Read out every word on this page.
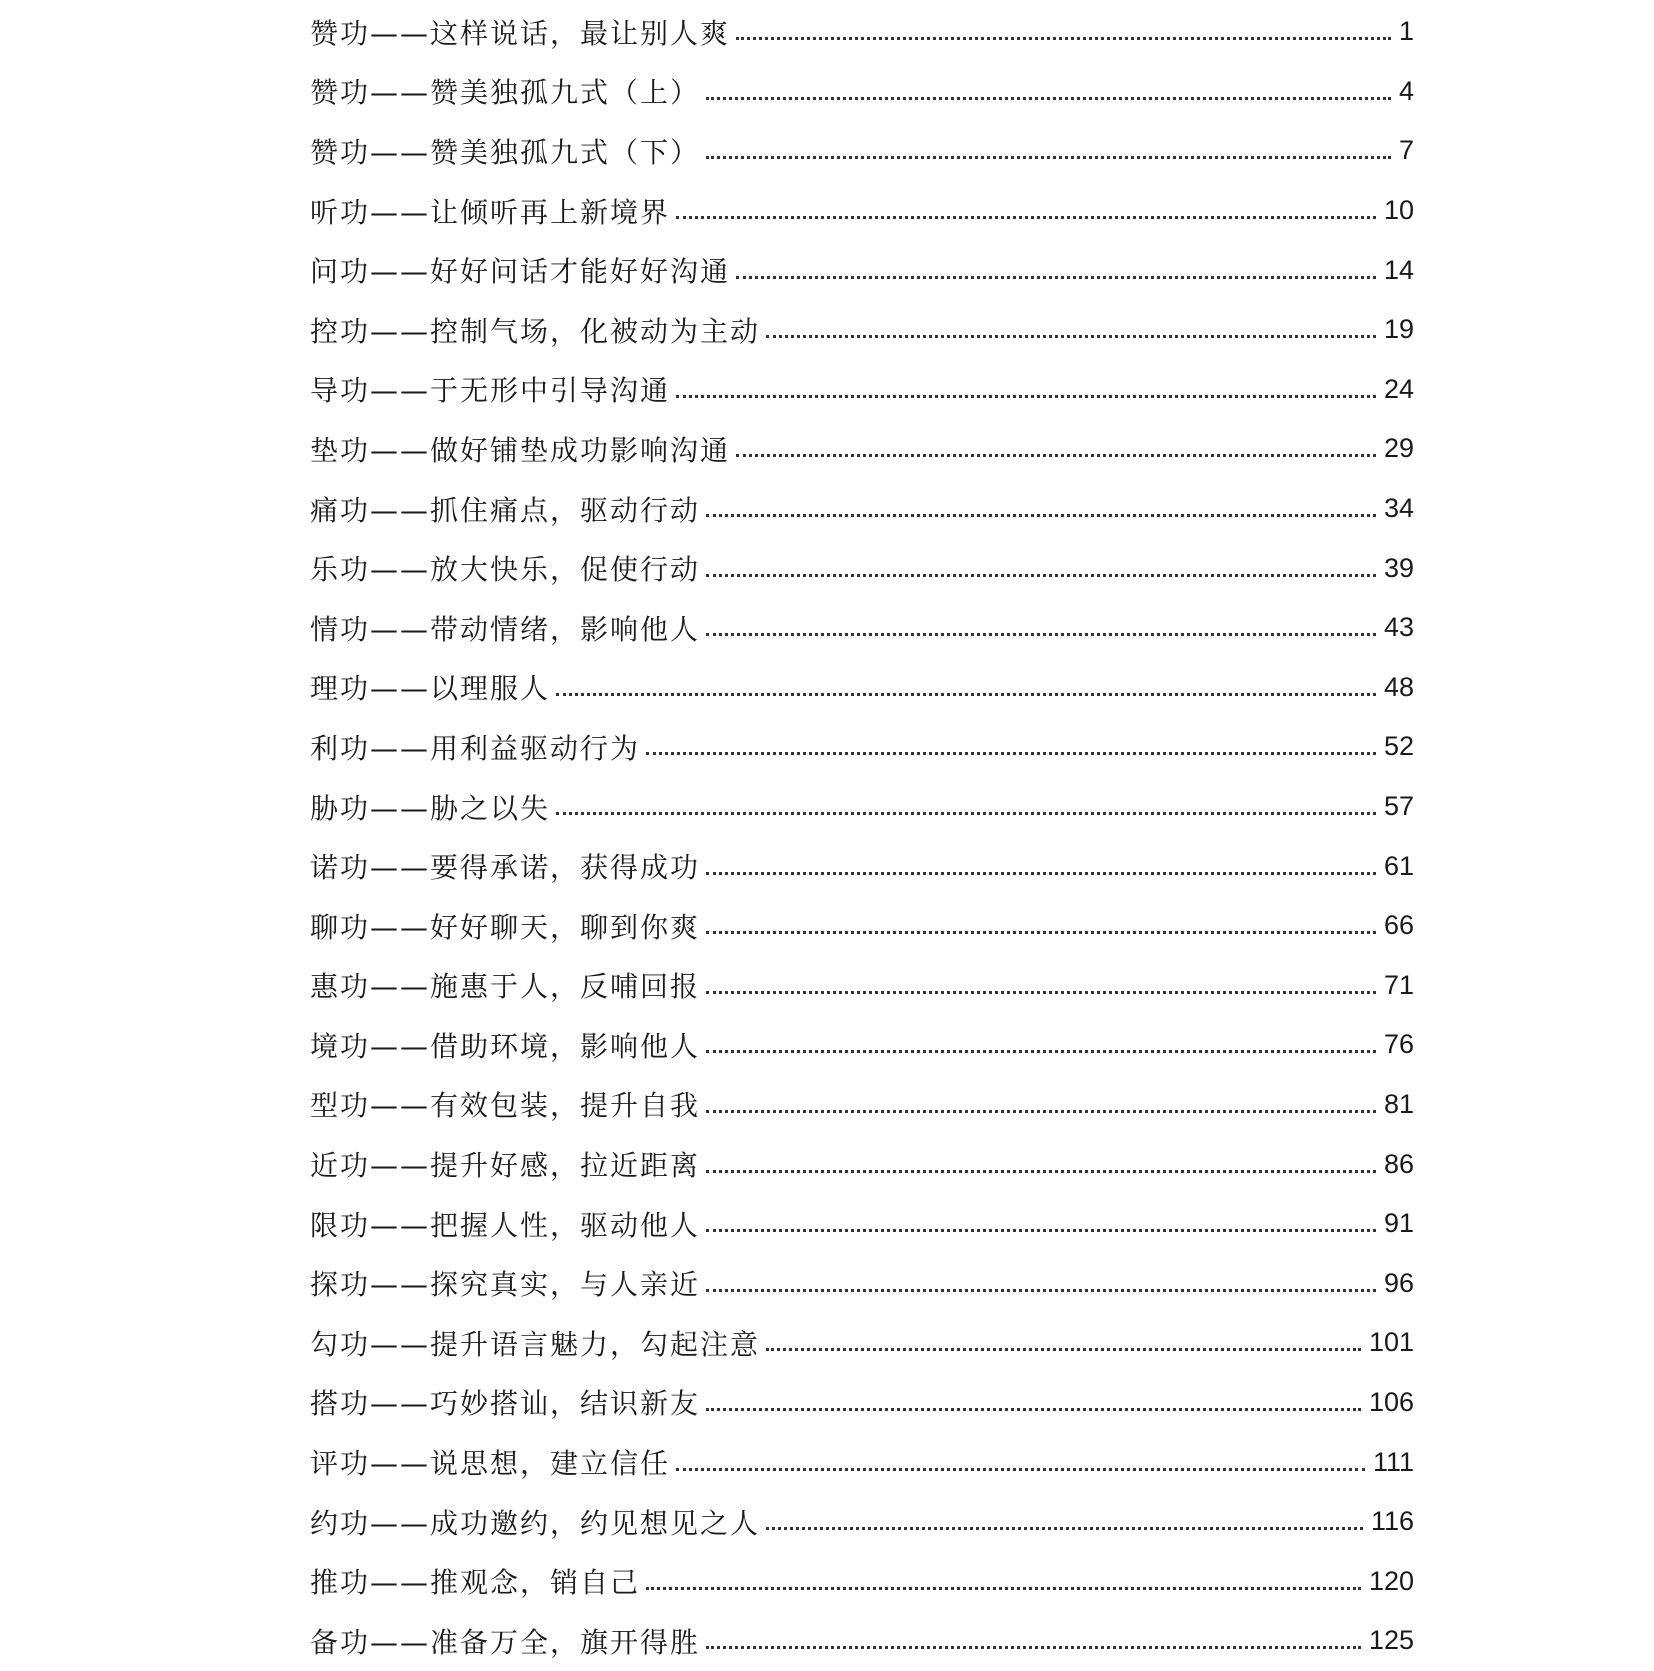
赞功——这样说话，最让别人爽	1
赞功——赞美独孤九式（上）	4
赞功——赞美独孤九式（下）	7
听功——让倾听再上新境界	10
问功——好好问话才能好好沟通	14
控功——控制气场，化被动为主动	19
导功——于无形中引导沟通	24
垫功——做好铺垫成功影响沟通	29
痛功——抓住痛点，驱动行动	34
乐功——放大快乐，促使行动	39
情功——带动情绪，影响他人	43
理功——以理服人	48
利功——用利益驱动行为	52
胁功——胁之以失	57
诺功——要得承诺，获得成功	61
聊功——好好聊天，聊到你爽	66
惠功——施惠于人，反哺回报	71
境功——借助环境，影响他人	76
型功——有效包装，提升自我	81
近功——提升好感，拉近距离	86
限功——把握人性，驱动他人	91
探功——探究真实，与人亲近	96
勾功——提升语言魅力，勾起注意	101
搭功——巧妙搭讪，结识新友	106
评功——说思想，建立信任	111
约功——成功邀约，约见想见之人	116
推功——推观念，销自己	120
备功——准备万全，旗开得胜	125
